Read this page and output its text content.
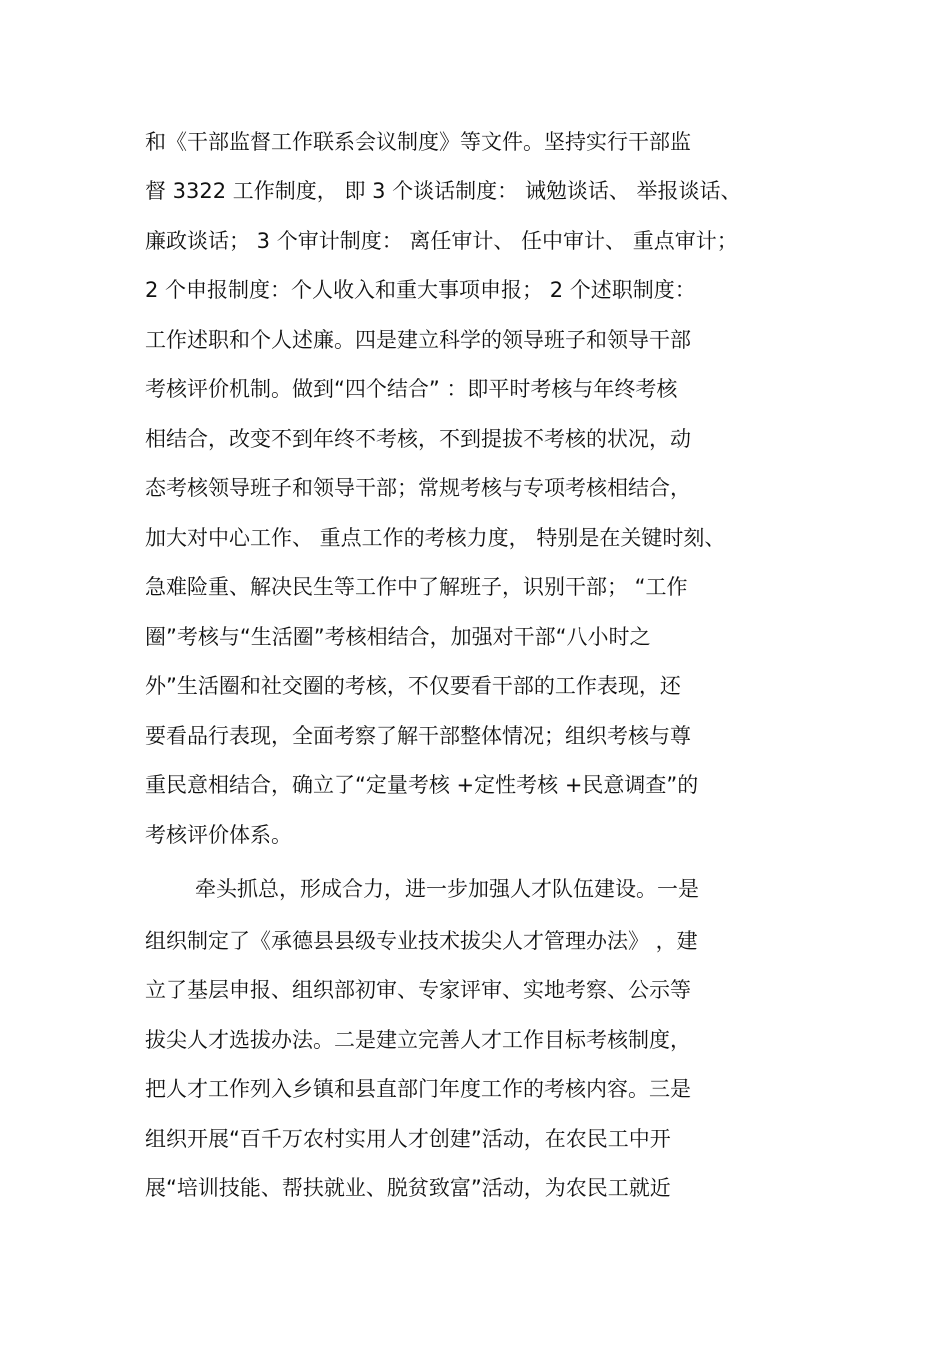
和《干部监督工作联系会议制度》等文件。坚持实行干部监
督 3322 工作制度， 即 3 个谈话制度： 诫勉谈话、 举报谈话、
廉政谈话； 3 个审计制度： 离任审计、 任中审计、 重点审计；
2 个申报制度：个人收入和重大事项申报； 2 个述职制度：
工作述职和个人述廉。四是建立科学的领导班子和领导干部
考核评价机制。做到“四个结合” ：即平时考核与年终考核
相结合，改变不到年终不考核，不到提拔不考核的状况，动
态考核领导班子和领导干部；常规考核与专项考核相结合，
加大对中心工作、 重点工作的考核力度， 特别是在关键时刻、
急难险重、解决民生等工作中了解班子，识别干部； “工作
圈”考核与“生活圈”考核相结合，加强对干部“八小时之
外”生活圈和社交圈的考核，不仅要看干部的工作表现，还
要看品行表现，全面考察了解干部整体情况；组织考核与尊
重民意相结合，确立了“定量考核 +定性考核 +民意调查”的
考核评价体系。
牵头抓总，形成合力，进一步加强人才队伍建设。一是
组织制定了《承德县县级专业技术拔尖人才管理办法》 ，建
立了基层申报、组织部初审、专家评审、实地考察、公示等
拔尖人才选拔办法。二是建立完善人才工作目标考核制度，
把人才工作列入乡镇和县直部门年度工作的考核内容。三是
组织开展“百千万农村实用人才创建”活动，在农民工中开
展“培训技能、帮扶就业、脱贫致富”活动，为农民工就近
